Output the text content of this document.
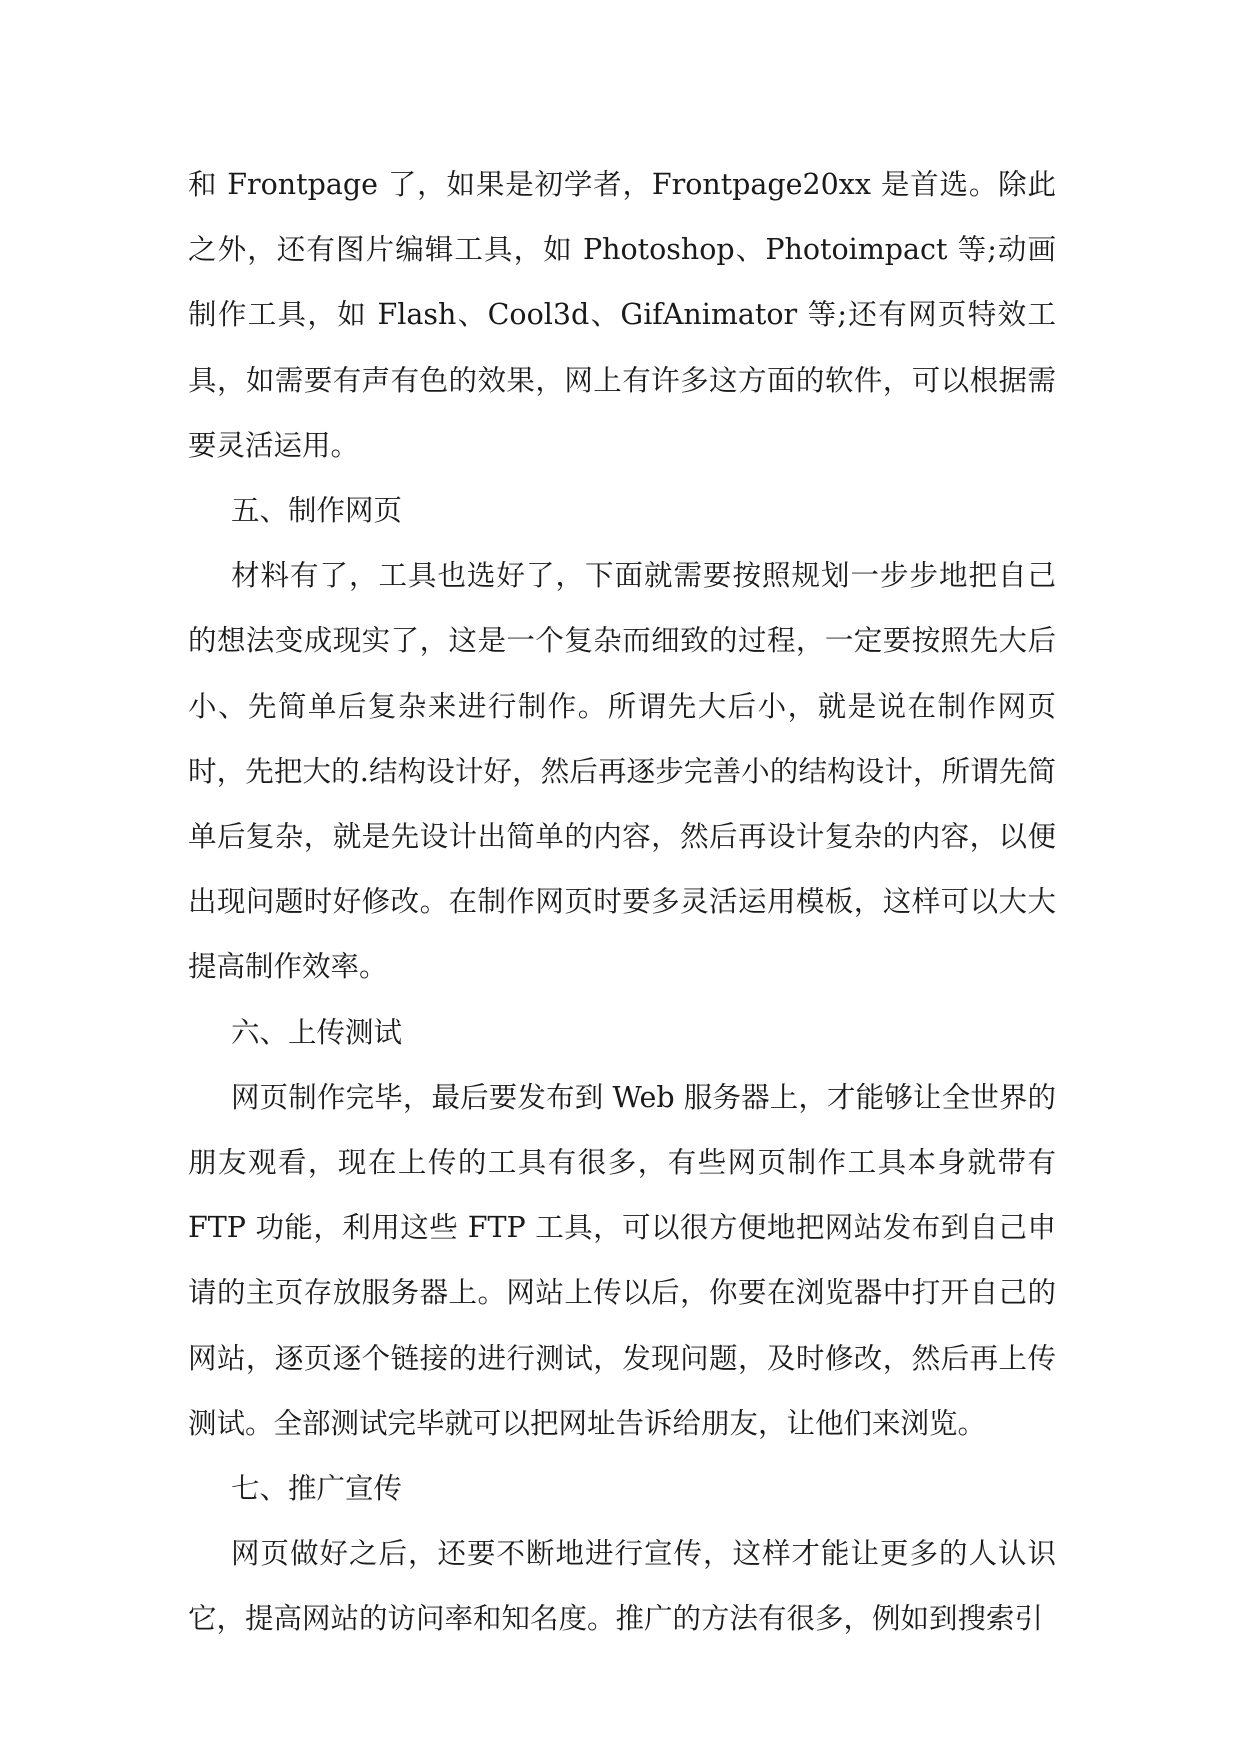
和 Frontpage 了，如果是初学者，Frontpage20xx 是首选。除此之外，还有图片编辑工具，如 Photoshop、Photoimpact 等;动画制作工具，如 Flash、Cool3d、GifAnimator 等;还有网页特效工具，如需要有声有色的效果，网上有许多这方面的软件，可以根据需要灵活运用。

五、制作网页

材料有了，工具也选好了，下面就需要按照规划一步步地把自己的想法变成现实了，这是一个复杂而细致的过程，一定要按照先大后小、先简单后复杂来进行制作。所谓先大后小，就是说在制作网页时，先把大的.结构设计好，然后再逐步完善小的结构设计，所谓先简单后复杂，就是先设计出简单的内容，然后再设计复杂的内容，以便出现问题时好修改。在制作网页时要多灵活运用模板，这样可以大大提高制作效率。

六、上传测试

网页制作完毕，最后要发布到 Web 服务器上，才能够让全世界的朋友观看，现在上传的工具有很多，有些网页制作工具本身就带有 FTP 功能，利用这些 FTP 工具，可以很方便地把网站发布到自己申请的主页存放服务器上。网站上传以后，你要在浏览器中打开自己的网站，逐页逐个链接的进行测试，发现问题，及时修改，然后再上传测试。全部测试完毕就可以把网址告诉给朋友，让他们来浏览。

七、推广宣传

网页做好之后，还要不断地进行宣传，这样才能让更多的人认识它，提高网站的访问率和知名度。推广的方法有很多，例如到搜索引
